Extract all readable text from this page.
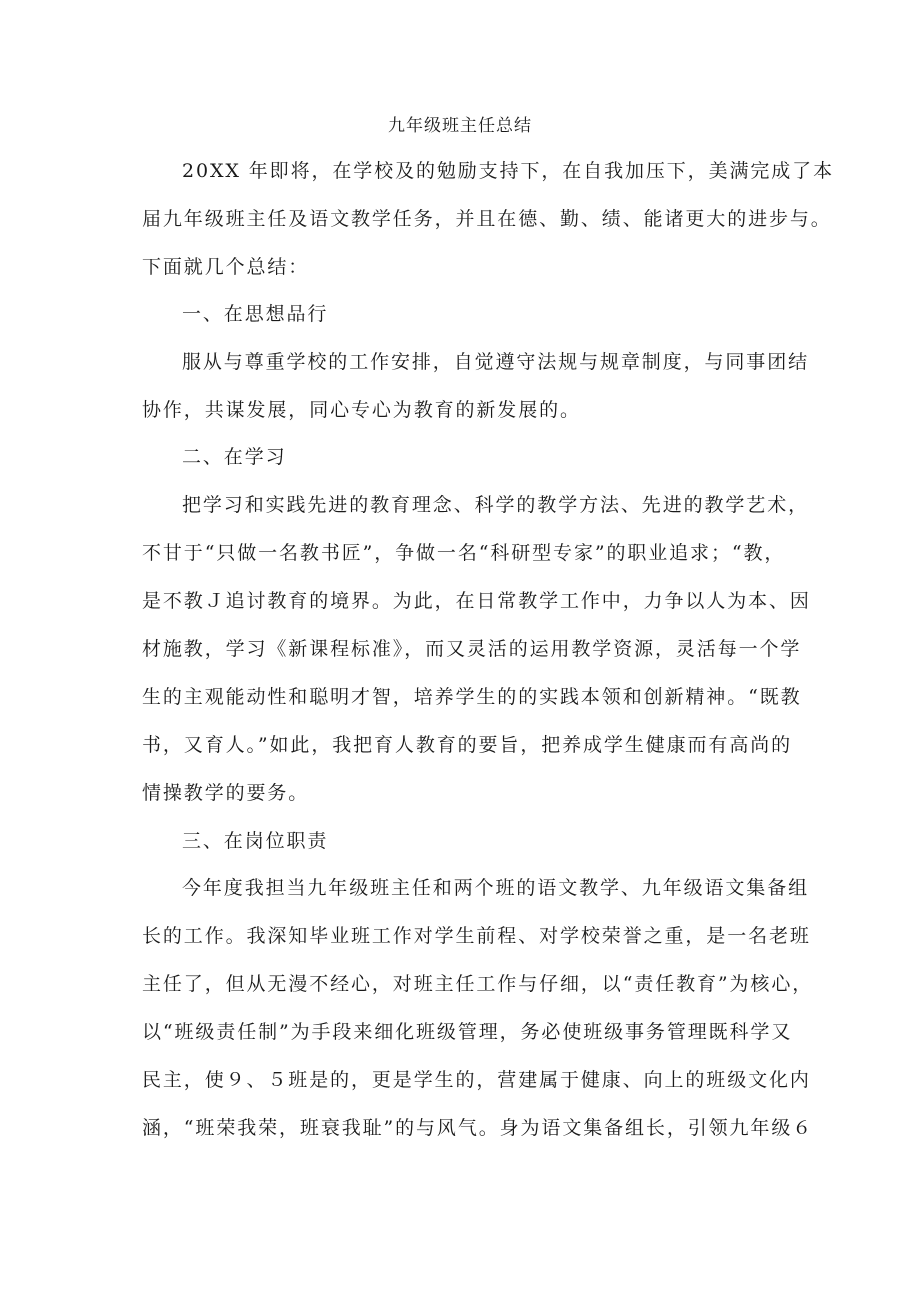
九年级班主任总结
20XX 年即将，在学校及的勉励支持下，在自我加压下，美满完成了本
届九年级班主任及语文教学任务，并且在德、勤、绩、能诸更大的进步与。
下面就几个总结：
一、在思想品行
服从与尊重学校的工作安排，自觉遵守法规与规章制度，与同事团结
协作，共谋发展，同心专心为教育的新发展的。
二、在学习
把学习和实践先进的教育理念、科学的教学方法、先进的教学艺术，
不甘于“只做一名教书匠”，争做一名“科研型专家”的职业追求；“教，
是不教Ｊ追讨教育的境界。为此，在日常教学工作中，力争以人为本、因
材施教，学习《新课程标准》，而又灵活的运用教学资源，灵活每一个学
生的主观能动性和聪明才智，培养学生的的实践本领和创新精神。“既教
书，又育人。”如此，我把育人教育的要旨，把养成学生健康而有高尚的
情操教学的要务。
三、在岗位职责
今年度我担当九年级班主任和两个班的语文教学、九年级语文集备组
长的工作。我深知毕业班工作对学生前程、对学校荣誉之重，是一名老班
主任了，但从无漫不经心，对班主任工作与仔细，以“责任教育”为核心，
以“班级责任制”为手段来细化班级管理，务必使班级事务管理既科学又
民主，使９、５班是的，更是学生的，营建属于健康、向上的班级文化内
涵，“班荣我荣，班衰我耻”的与风气。身为语文集备组长，引领九年级６
